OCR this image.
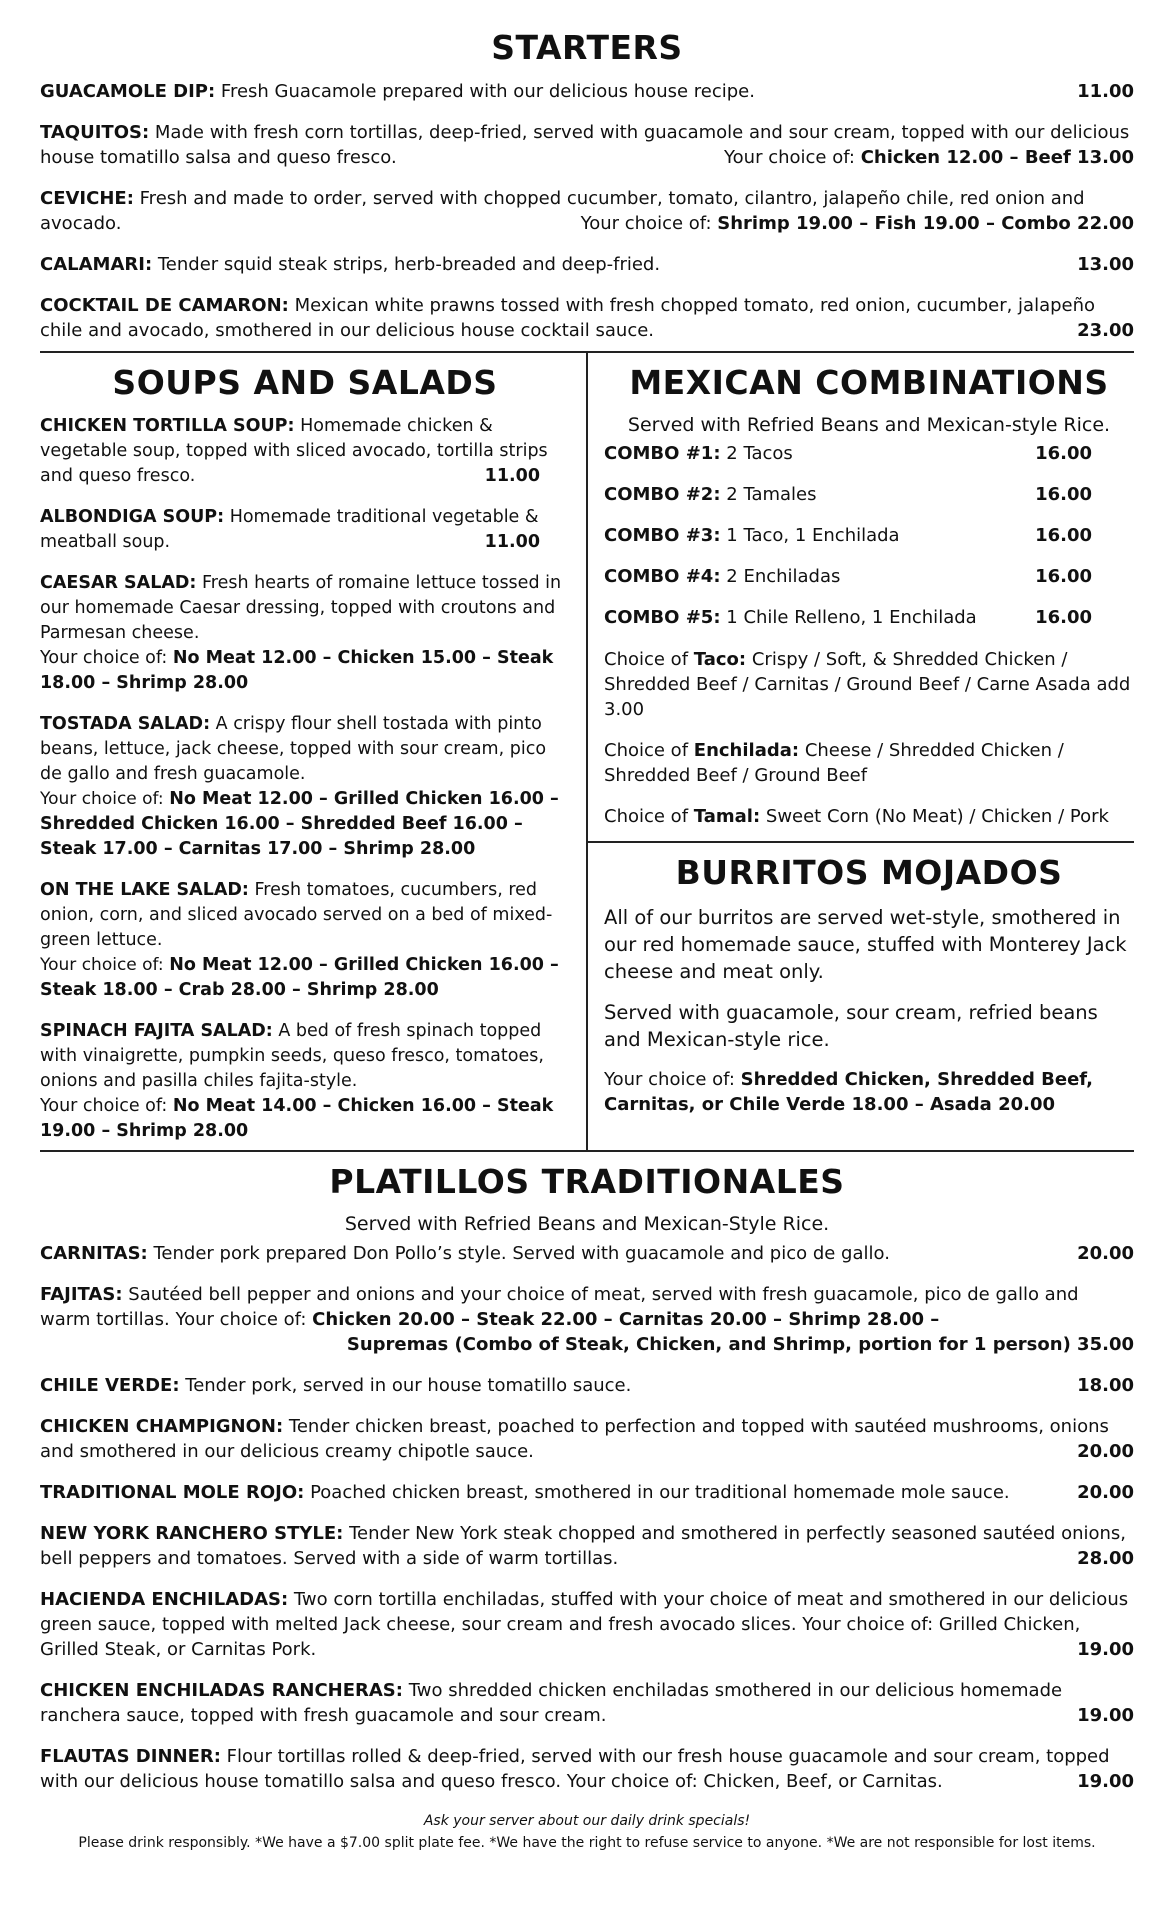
STARTERS
GUACAMOLE DIP: Fresh Guacamole prepared with our delicious house recipe.	11.00
TAQUITOS: Made with fresh corn tortillas, deep-fried, served with guacamole and sour cream, topped with our delicious house tomatillo salsa and queso fresco.	Your choice of: Chicken 12.00 – Beef 13.00
CEVICHE: Fresh and made to order, served with chopped cucumber, tomato, cilantro, jalapeño chile, red onion and avocado.	Your choice of: Shrimp 19.00 – Fish 19.00 – Combo 22.00
CALAMARI: Tender squid steak strips, herb-breaded and deep-fried.	13.00
COCKTAIL DE CAMARON: Mexican white prawns tossed with fresh chopped tomato, red onion, cucumber, jalapeño chile and avocado, smothered in our delicious house cocktail sauce.	23.00
SOUPS AND SALADS
CHICKEN TORTILLA SOUP: Homemade chicken & vegetable soup, topped with sliced avocado, tortilla strips and queso fresco.	11.00
ALBONDIGA SOUP: Homemade traditional vegetable & meatball soup.	11.00
CAESAR SALAD: Fresh hearts of romaine lettuce tossed in our homemade Caesar dressing, topped with croutons and Parmesan cheese.
Your choice of: No Meat 12.00 – Chicken 15.00 – Steak 18.00 – Shrimp 28.00
TOSTADA SALAD: A crispy flour shell tostada with pinto beans, lettuce, jack cheese, topped with sour cream, pico de gallo and fresh guacamole.
Your choice of: No Meat 12.00 – Grilled Chicken 16.00 – Shredded Chicken 16.00 – Shredded Beef 16.00 – Steak 17.00 – Carnitas 17.00 – Shrimp 28.00
ON THE LAKE SALAD: Fresh tomatoes, cucumbers, red onion, corn, and sliced avocado served on a bed of mixed-green lettuce.
Your choice of: No Meat 12.00 – Grilled Chicken 16.00 – Steak 18.00 – Crab 28.00 – Shrimp 28.00
SPINACH FAJITA SALAD: A bed of fresh spinach topped with vinaigrette, pumpkin seeds, queso fresco, tomatoes, onions and pasilla chiles fajita-style.
Your choice of: No Meat 14.00 – Chicken 16.00 – Steak 19.00 – Shrimp 28.00
MEXICAN COMBINATIONS
Served with Refried Beans and Mexican-style Rice.
COMBO #1: 2 Tacos	16.00
COMBO #2: 2 Tamales	16.00
COMBO #3: 1 Taco, 1 Enchilada	16.00
COMBO #4: 2 Enchiladas	16.00
COMBO #5: 1 Chile Relleno, 1 Enchilada	16.00
Choice of Taco: Crispy / Soft, & Shredded Chicken / Shredded Beef / Carnitas / Ground Beef / Carne Asada add 3.00
Choice of Enchilada: Cheese / Shredded Chicken / Shredded Beef / Ground Beef
Choice of Tamal: Sweet Corn (No Meat) / Chicken / Pork
BURRITOS MOJADOS
All of our burritos are served wet-style, smothered in our red homemade sauce, stuffed with Monterey Jack cheese and meat only.
Served with guacamole, sour cream, refried beans and Mexican-style rice.
Your choice of: Shredded Chicken, Shredded Beef, Carnitas, or Chile Verde 18.00 – Asada 20.00
PLATILLOS TRADITIONALES
Served with Refried Beans and Mexican-Style Rice.
CARNITAS: Tender pork prepared Don Pollo’s style. Served with guacamole and pico de gallo.	20.00
FAJITAS: Sautéed bell pepper and onions and your choice of meat, served with fresh guacamole, pico de gallo and warm tortillas. Your choice of: Chicken 20.00 – Steak 22.00 – Carnitas 20.00 – Shrimp 28.00 –

Supremas (Combo of Steak, Chicken, and Shrimp, portion for 1 person) 35.00
CHILE VERDE: Tender pork, served in our house tomatillo sauce.	18.00
CHICKEN CHAMPIGNON: Tender chicken breast, poached to perfection and topped with sautéed mushrooms, onions and smothered in our delicious creamy chipotle sauce.	20.00
TRADITIONAL MOLE ROJO: Poached chicken breast, smothered in our traditional homemade mole sauce.	20.00
NEW YORK RANCHERO STYLE: Tender New York steak chopped and smothered in perfectly seasoned sautéed onions, bell peppers and tomatoes. Served with a side of warm tortillas.	28.00
HACIENDA ENCHILADAS: Two corn tortilla enchiladas, stuffed with your choice of meat and smothered in our delicious green sauce, topped with melted Jack cheese, sour cream and fresh avocado slices. Your choice of: Grilled Chicken, Grilled Steak, or Carnitas Pork.	19.00
CHICKEN ENCHILADAS RANCHERAS: Two shredded chicken enchiladas smothered in our delicious homemade ranchera sauce, topped with fresh guacamole and sour cream.	19.00
FLAUTAS DINNER: Flour tortillas rolled & deep-fried, served with our fresh house guacamole and sour cream, topped with our delicious house tomatillo salsa and queso fresco. Your choice of: Chicken, Beef, or Carnitas.	19.00
Ask your server about our daily drink specials!
Please drink responsibly. *We have a $7.00 split plate fee. *We have the right to refuse service to anyone. *We are not responsible for lost items.
